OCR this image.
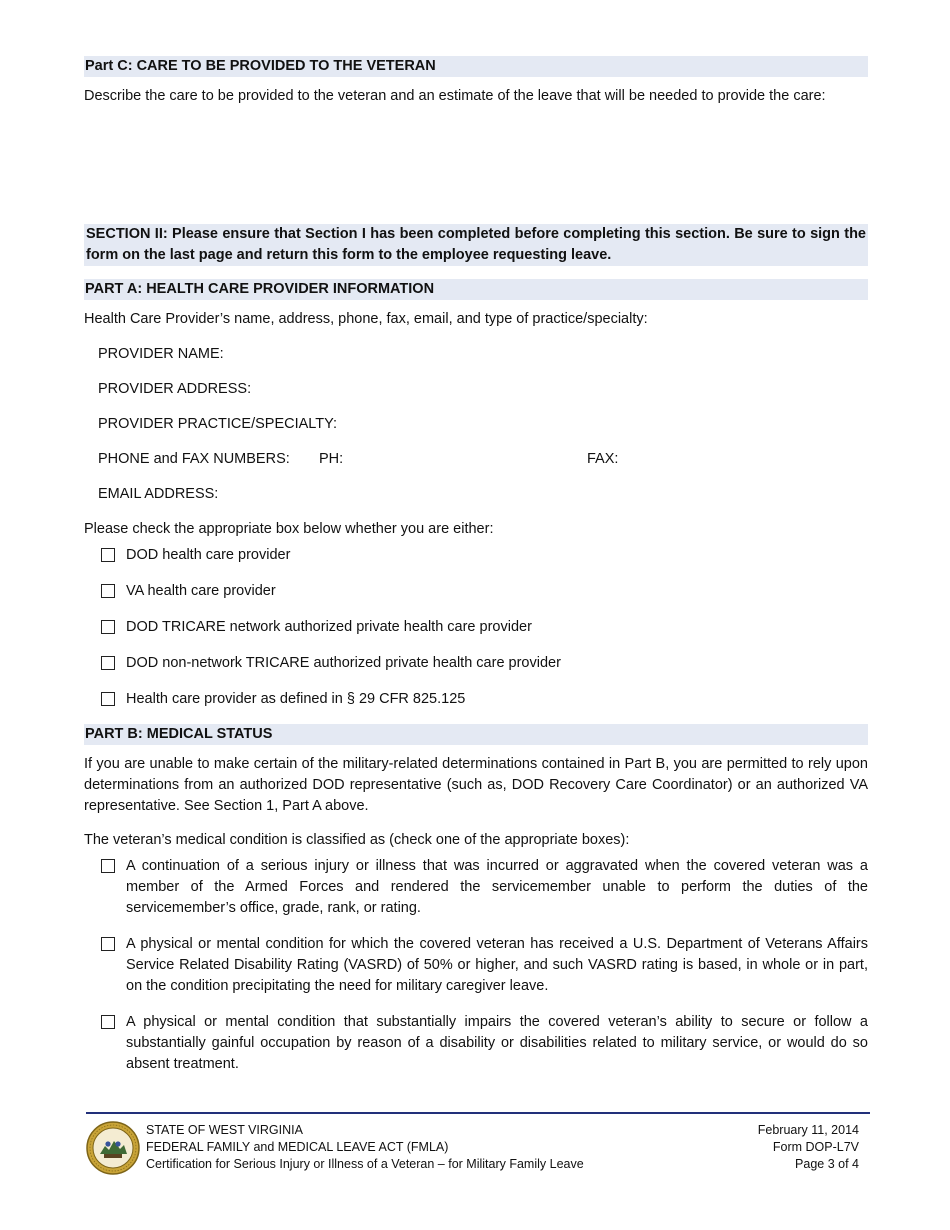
Part C: CARE TO BE PROVIDED TO THE VETERAN
Describe the care to be provided to the veteran and an estimate of the leave that will be needed to provide the care:
SECTION II: Please ensure that Section I has been completed before completing this section. Be sure to sign the form on the last page and return this form to the employee requesting leave.
PART A: HEALTH CARE PROVIDER INFORMATION
Health Care Provider’s name, address, phone, fax, email, and type of practice/specialty:
PROVIDER NAME:
PROVIDER ADDRESS:
PROVIDER PRACTICE/SPECIALTY:
PHONE and FAX NUMBERS: PH:	FAX:
EMAIL ADDRESS:
Please check the appropriate box below whether you are either:
DOD health care provider
VA health care provider
DOD TRICARE network authorized private health care provider
DOD non-network TRICARE authorized private health care provider
Health care provider as defined in § 29 CFR 825.125
PART B: MEDICAL STATUS
If you are unable to make certain of the military-related determinations contained in Part B, you are permitted to rely upon determinations from an authorized DOD representative (such as, DOD Recovery Care Coordinator) or an authorized VA representative. See Section 1, Part A above.
The veteran’s medical condition is classified as (check one of the appropriate boxes):
A continuation of a serious injury or illness that was incurred or aggravated when the covered veteran was a member of the Armed Forces and rendered the servicemember unable to perform the duties of the servicemember’s office, grade, rank, or rating.
A physical or mental condition for which the covered veteran has received a U.S. Department of Veterans Affairs Service Related Disability Rating (VASRD) of 50% or higher, and such VASRD rating is based, in whole or in part, on the condition precipitating the need for military caregiver leave.
A physical or mental condition that substantially impairs the covered veteran’s ability to secure or follow a substantially gainful occupation by reason of a disability or disabilities related to military service, or would do so absent treatment.
STATE OF WEST VIRGINIA
FEDERAL FAMILY and MEDICAL LEAVE ACT (FMLA)
Certification for Serious Injury or Illness of a Veteran – for Military Family Leave
February 11, 2014
Form DOP-L7V
Page 3 of 4
